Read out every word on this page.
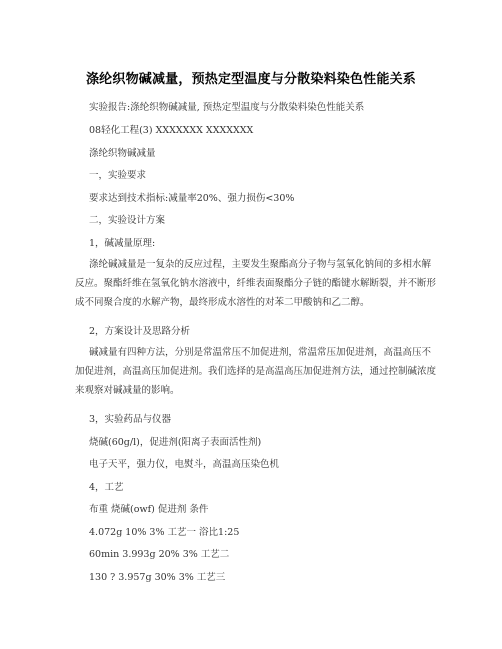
涤纶织物碱减量，预热定型温度与分散染料染色性能关系
实验报告:涤纶织物碱减量, 预热定型温度与分散染料染色性能关系
08轻化工程(3) XXXXXXX XXXXXXX
涤纶织物碱减量
一，实验要求
要求达到技术指标:减量率20%、强力损伤<30%
二，实验设计方案
1，碱减量原理:
涤纶碱减量是一复杂的反应过程，主要发生聚酯高分子物与氢氧化钠间的多相水解反应。聚酯纤维在氢氧化钠水溶液中，纤维表面聚酯分子链的酯键水解断裂，并不断形成不同聚合度的水解产物，最终形成水溶性的对苯二甲酸钠和乙二醇。
2，方案设计及思路分析
碱减量有四种方法，分别是常温常压不加促进剂，常温常压加促进剂，高温高压不加促进剂，高温高压加促进剂。我们选择的是高温高压加促进剂方法，通过控制碱浓度来观察对碱减量的影响。
3，实验药品与仪器
烧碱(60g/l)，促进剂(阳离子表面活性剂)
电子天平，强力仪，电熨斗，高温高压染色机
4，工艺
布重 烧碱(owf) 促进剂 条件
4.072g 10% 3% 工艺一 浴比1:25
60min 3.993g 20% 3% 工艺二
130 ? 3.957g 30% 3% 工艺三
